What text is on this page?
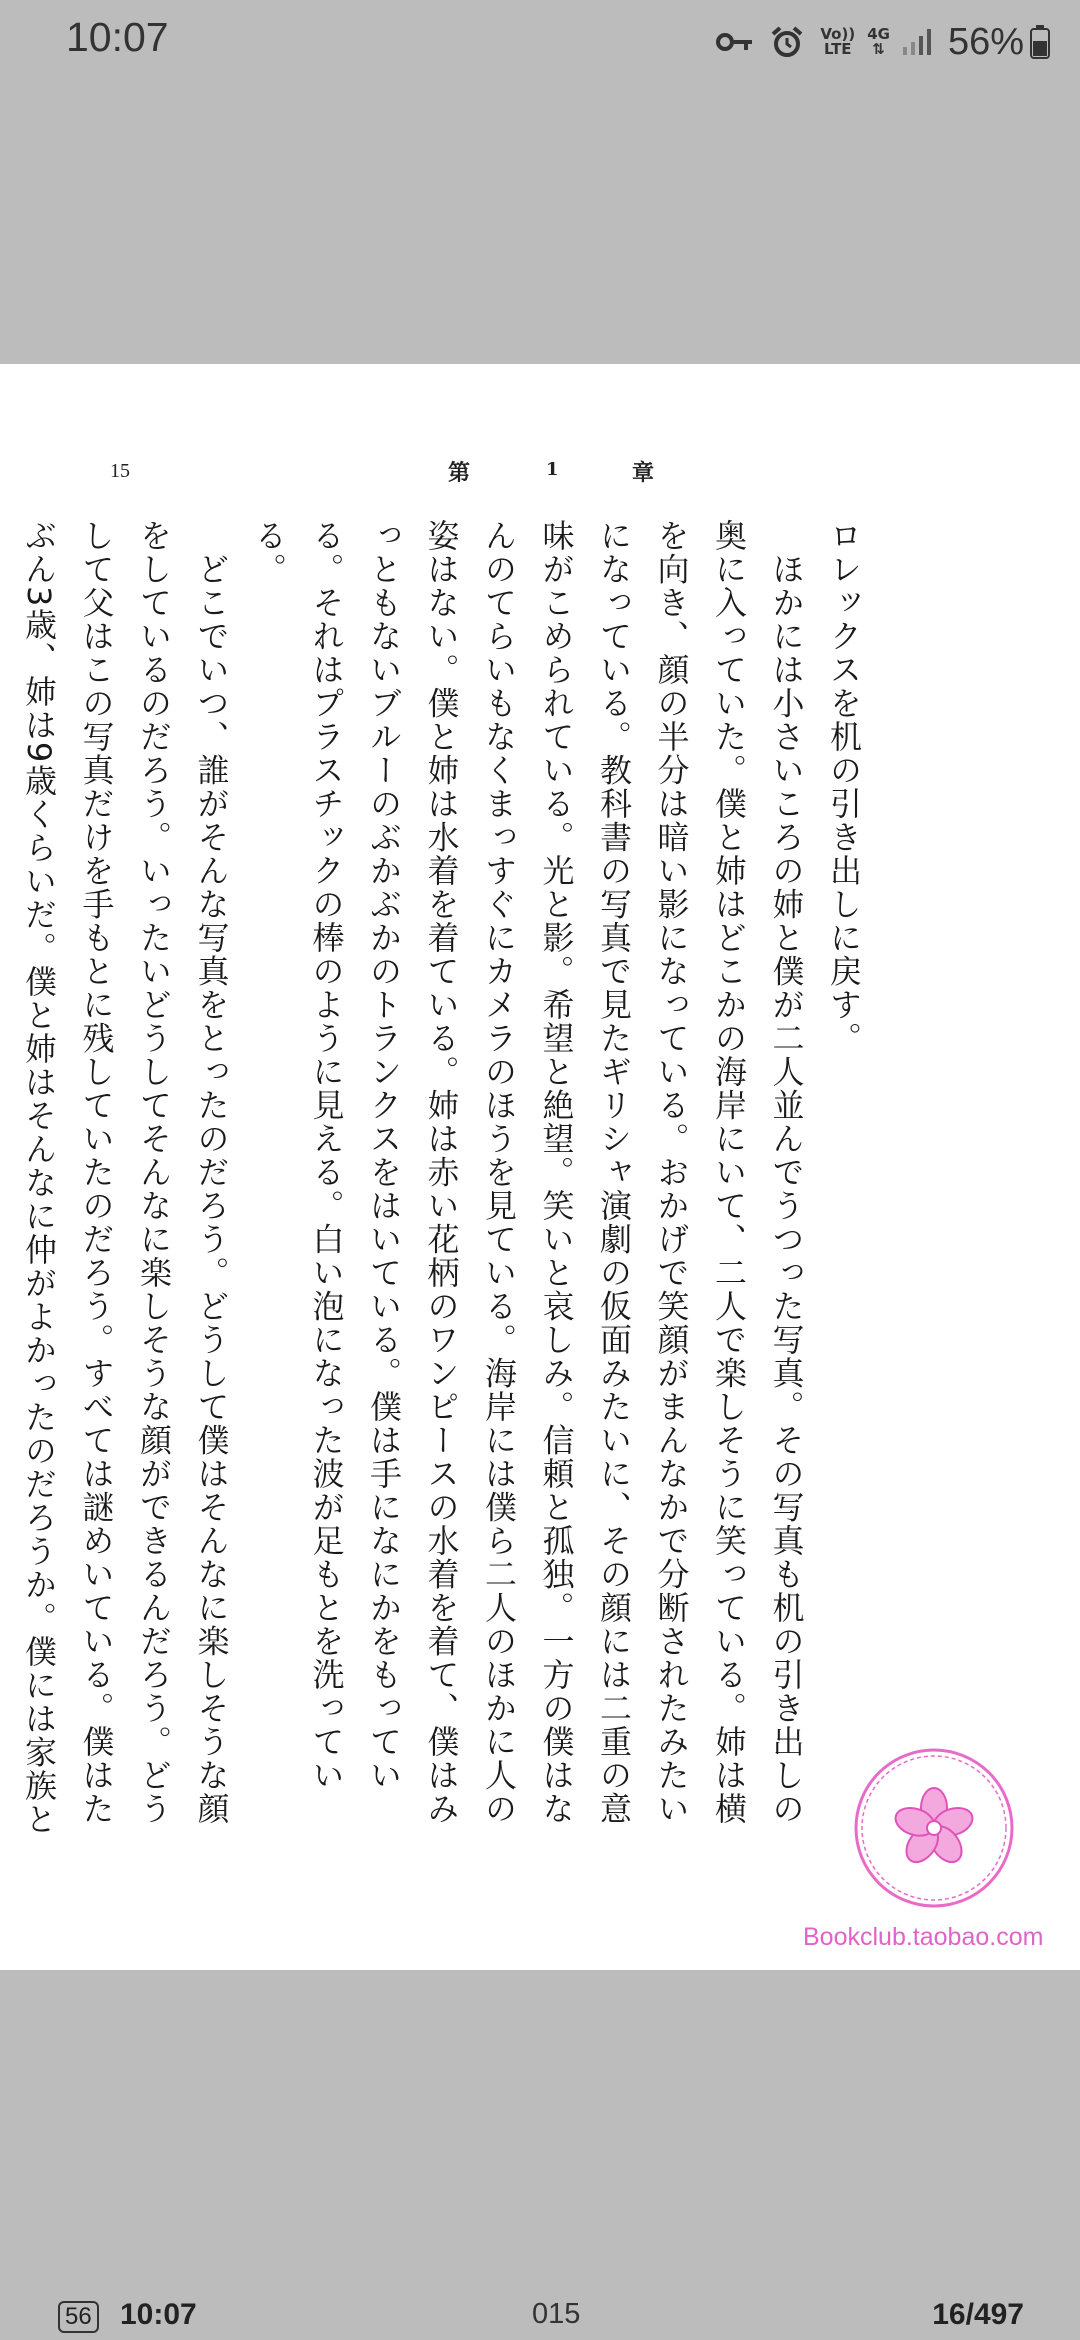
10:07	Vo))
LTE
4G
⇅ 56%
15	第	1	章

ロレックスを机の引き出しに戻す。

　ほかには小さいころの姉と僕が二人並んでうつった写真。その写真も机の引き出しの奥に入っていた。僕と姉はどこかの海岸にいて、二人で楽しそうに笑っている。姉は横を向き、顔の半分は暗い影になっている。おかげで笑顔がまんなかで分断されたみたいになっている。教科書の写真で見たギリシャ演劇の仮面みたいに、その顔には二重の意味がこめられている。光と影。希望と絶望。笑いと哀しみ。信頼と孤独。一方の僕はなんのてらいもなくまっすぐにカメラのほうを見ている。海岸には僕ら二人のほかに人の姿はない。僕と姉は水着を着ている。姉は赤い花柄のワンピースの水着を着て、僕はみっともないブルーのぶかぶかのトランクスをはいている。僕は手になにかをもっている。それはプラスチックの棒のように見える。白い泡になった波が足もとを洗っている。

　どこでいつ、誰がそんな写真をとったのだろう。どうして僕はそんなに楽しそうな顔をしているのだろう。いったいどうしてそんなに楽しそうな顔ができるんだろう。どうして父はこの写真だけを手もとに残していたのだろう。すべては謎めいている。僕はたぶん3歳、姉は9歳くらいだ。僕と姉はそんなに仲がよかったのだろうか。僕には家族と

Bookclub.taobao.com
56 10:07	015	16/497
